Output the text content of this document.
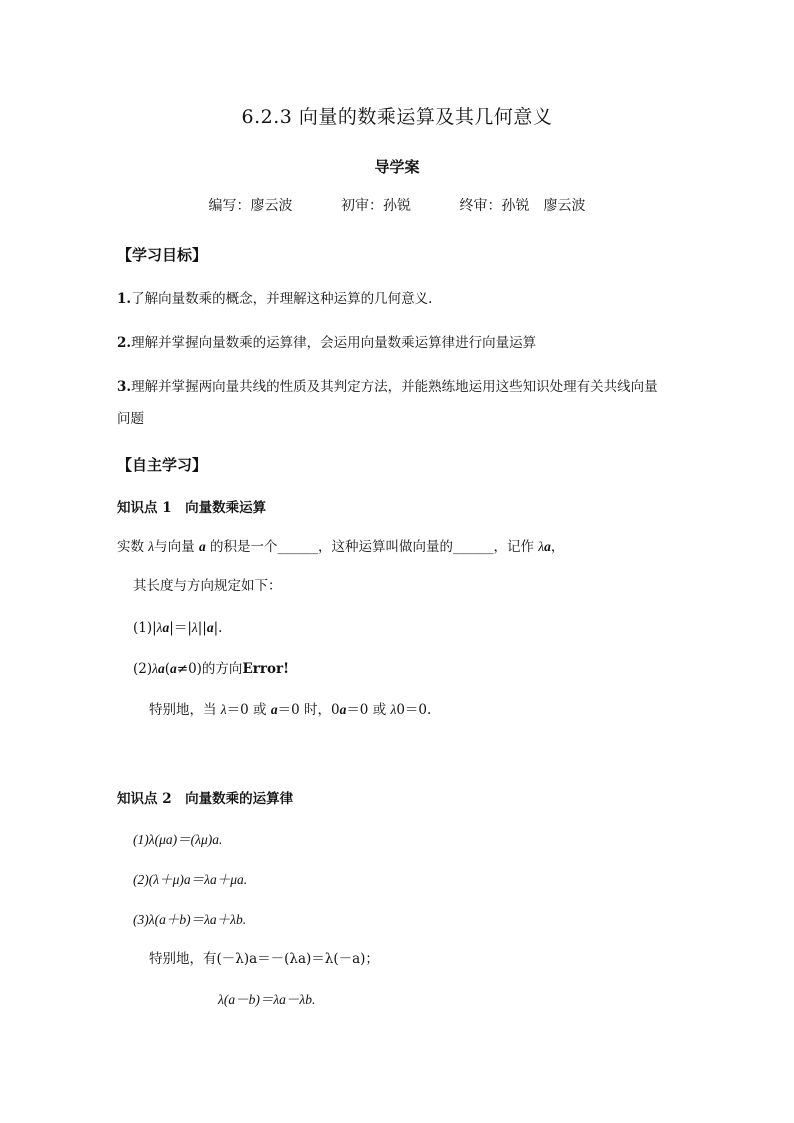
6.2.3 向量的数乘运算及其几何意义
导学案
编写：廖云波	初审：孙锐	终审：孙锐　廖云波
【学习目标】
1.了解向量数乘的概念，并理解这种运算的几何意义.
2.理解并掌握向量数乘的运算律，会运用向量数乘运算律进行向量运算
3.理解并掌握两向量共线的性质及其判定方法，并能熟练地运用这些知识处理有关共线向量
问题
【自主学习】
知识点 1　向量数乘运算
实数 λ与向量 a 的积是一个______，这种运算叫做向量的______，记作 λa，
其长度与方向规定如下：
(1)|λa|＝|λ||a|.
(2)λa(a≠0)的方向Error!
特别地，当 λ＝0 或 a＝0 时，0a＝0 或 λ0＝0.
知识点 2　向量数乘的运算律
(1)λ(μa)＝(λμ)a.
(2)(λ＋μ)a＝λa＋μa.
(3)λ(a＋b)＝λa＋λb.
特别地，有(－λ)a＝－(λa)＝λ(－a)；
λ(a－b)＝λa－λb.
